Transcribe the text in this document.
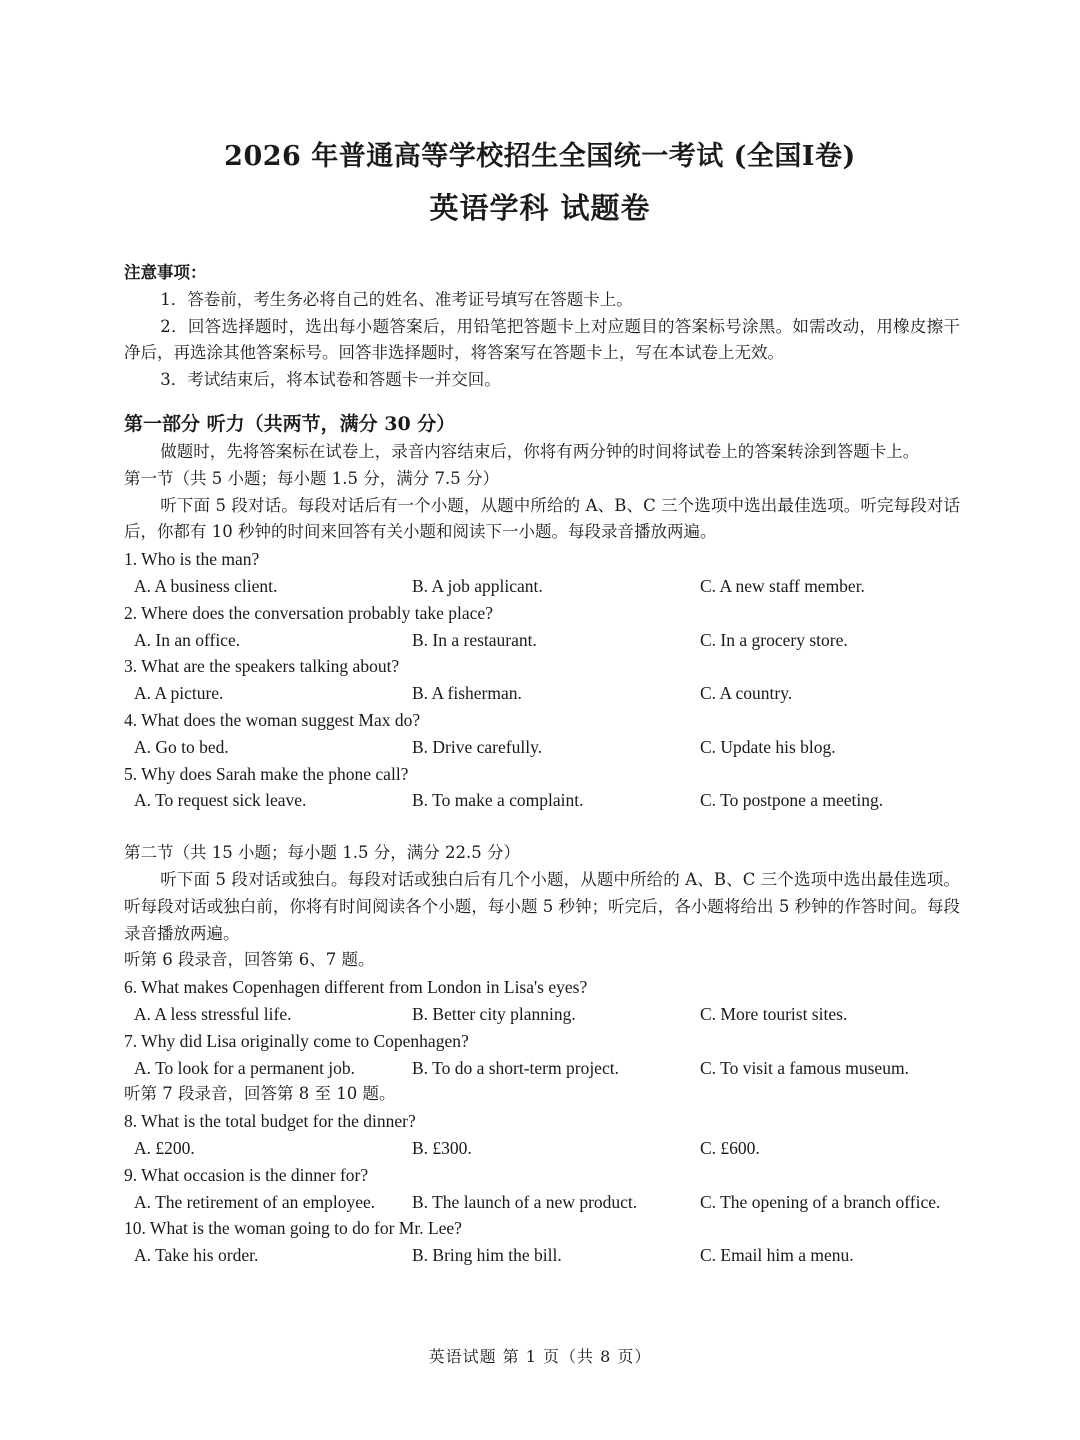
2026 年普通高等学校招生全国统一考试 (全国I卷)
英语学科 试题卷
注意事项：
1．答卷前，考生务必将自己的姓名、准考证号填写在答题卡上。
2．回答选择题时，选出每小题答案后，用铅笔把答题卡上对应题目的答案标号涂黑。如需改动，用橡皮擦干净后，再选涂其他答案标号。回答非选择题时，将答案写在答题卡上，写在本试卷上无效。
3．考试结束后，将本试卷和答题卡一并交回。
第一部分 听力（共两节，满分 30 分）
做题时，先将答案标在试卷上，录音内容结束后，你将有两分钟的时间将试卷上的答案转涂到答题卡上。
第一节（共 5 小题；每小题 1.5 分，满分 7.5 分）
听下面 5 段对话。每段对话后有一个小题，从题中所给的 A、B、C 三个选项中选出最佳选项。听完每段对话后，你都有 10 秒钟的时间来回答有关小题和阅读下一小题。每段录音播放两遍。
1. Who is the man?
A. A business client.	B. A job applicant.	C. A new staff member.
2. Where does the conversation probably take place?
A. In an office.	B. In a restaurant.	C. In a grocery store.
3. What are the speakers talking about?
A. A picture.	B. A fisherman.	C. A country.
4. What does the woman suggest Max do?
A. Go to bed.	B. Drive carefully.	C. Update his blog.
5. Why does Sarah make the phone call?
A. To request sick leave.	B. To make a complaint.	C. To postpone a meeting.
第二节（共 15 小题；每小题 1.5 分，满分 22.5 分）
听下面 5 段对话或独白。每段对话或独白后有几个小题，从题中所给的 A、B、C 三个选项中选出最佳选项。听每段对话或独白前，你将有时间阅读各个小题，每小题 5 秒钟；听完后，各小题将给出 5 秒钟的作答时间。每段录音播放两遍。
听第 6 段录音，回答第 6、7 题。
6. What makes Copenhagen different from London in Lisa's eyes?
A. A less stressful life.	B. Better city planning.	C. More tourist sites.
7. Why did Lisa originally come to Copenhagen?
A. To look for a permanent job.	B. To do a short-term project.	C. To visit a famous museum.
听第 7 段录音，回答第 8 至 10 题。
8. What is the total budget for the dinner?
A. £200.	B. £300.	C. £600.
9. What occasion is the dinner for?
A. The retirement of an employee.	B. The launch of a new product.	C. The opening of a branch office.
10. What is the woman going to do for Mr. Lee?
A. Take his order.	B. Bring him the bill.	C. Email him a menu.
英语试题 第 1 页（共 8 页）
